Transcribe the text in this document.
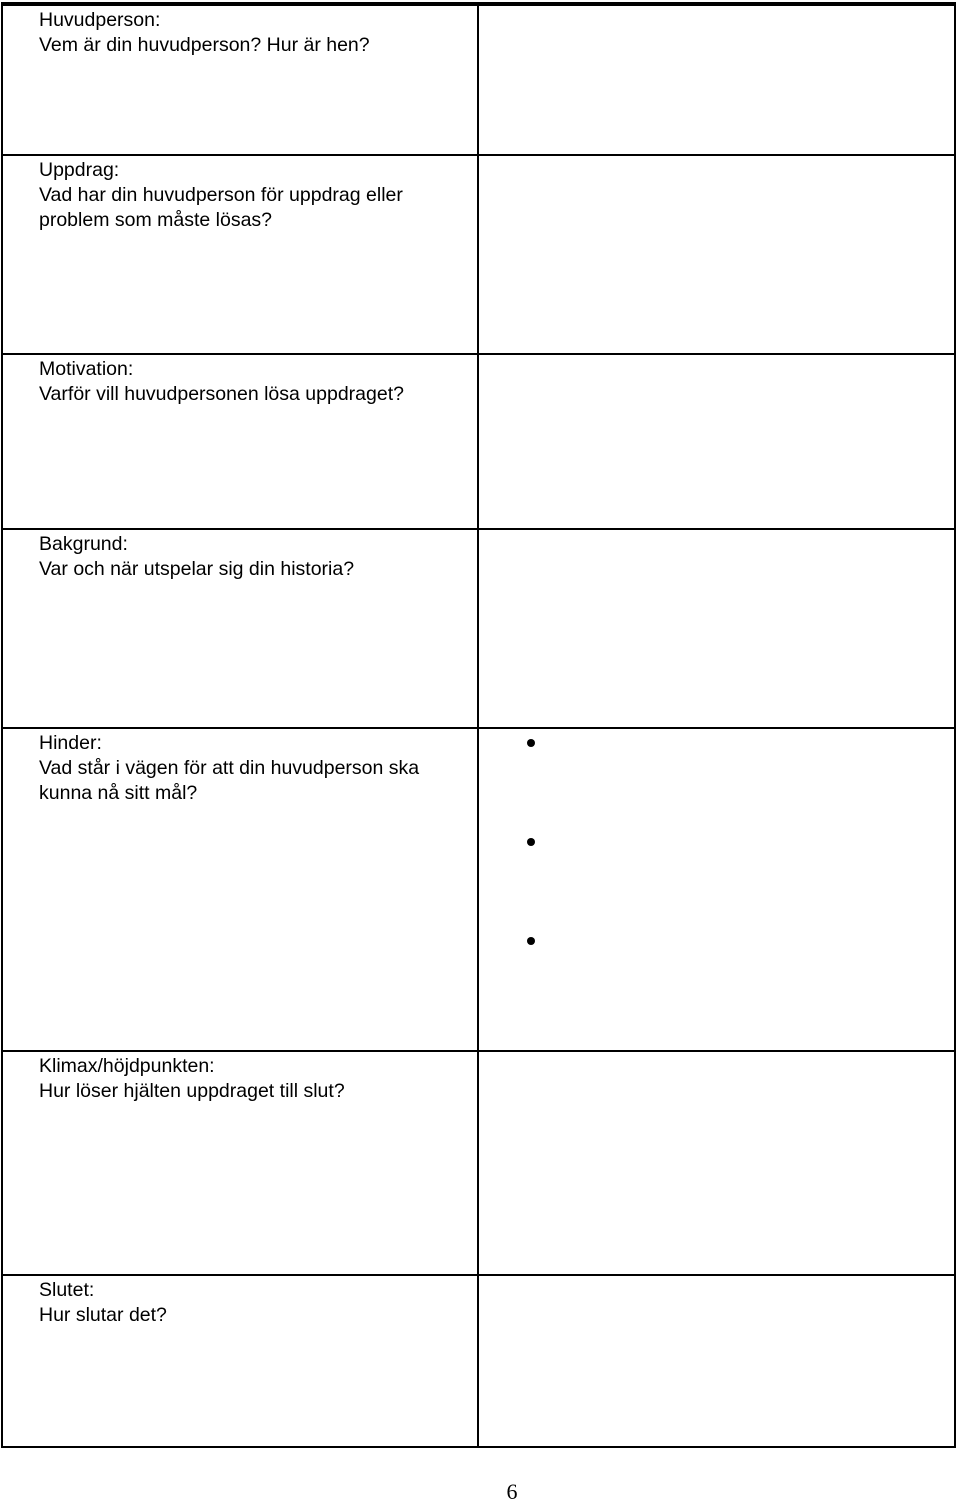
Huvudperson:
Vem är din huvudperson? Hur är hen?
Uppdrag:
Vad har din huvudperson för uppdrag eller problem som måste lösas?
Motivation:
Varför vill huvudpersonen lösa uppdraget?
Bakgrund:
Var och när utspelar sig din historia?
Hinder:
Vad står i vägen för att din huvudperson ska kunna nå sitt mål?
Klimax/höjdpunkten:
Hur löser hjälten uppdraget till slut?
Slutet:
Hur slutar det?
6
